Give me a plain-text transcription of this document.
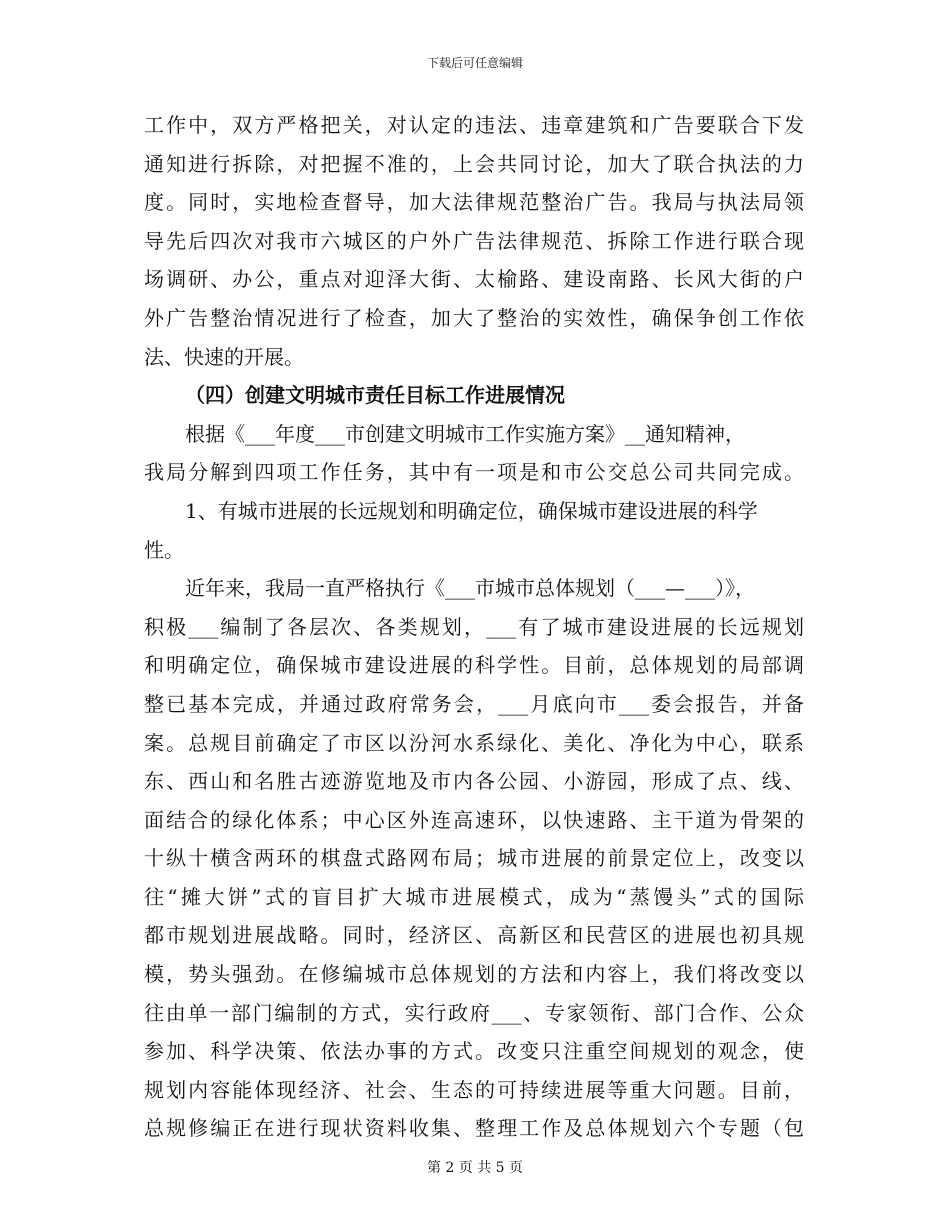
下载后可任意编辑
工作中，双方严格把关，对认定的违法、违章建筑和广告要联合下发
通知进行拆除，对把握不准的，上会共同讨论，加大了联合执法的力
度。同时，实地检查督导，加大法律规范整治广告。我局与执法局领
导先后四次对我市六城区的户外广告法律规范、拆除工作进行联合现
场调研、办公，重点对迎泽大街、太榆路、建设南路、长风大街的户
外广告整治情况进行了检查，加大了整治的实效性，确保争创工作依
法、快速的开展。
（四）创建文明城市责任目标工作进展情况
根据《___年度___市创建文明城市工作实施方案》__通知精神，
我局分解到四项工作任务，其中有一项是和市公交总公司共同完成。
1、有城市进展的长远规划和明确定位，确保城市建设进展的科学
性。
近年来，我局一直严格执行《___市城市总体规划（___—___）》，
积极___编制了各层次、各类规划，___有了城市建设进展的长远规划
和明确定位，确保城市建设进展的科学性。目前，总体规划的局部调
整已基本完成，并通过政府常务会，___月底向市___委会报告，并备
案。总规目前确定了市区以汾河水系绿化、美化、净化为中心，联系
东、西山和名胜古迹游览地及市内各公园、小游园，形成了点、线、
面结合的绿化体系；中心区外连高速环，以快速路、主干道为骨架的
十纵十横含两环的棋盘式路网布局；城市进展的前景定位上，改变以
往“摊大饼”式的盲目扩大城市进展模式，成为“蒸馒头”式的国际
都市规划进展战略。同时，经济区、高新区和民营区的进展也初具规
模，势头强劲。在修编城市总体规划的方法和内容上，我们将改变以
往由单一部门编制的方式，实行政府___、专家领衔、部门合作、公众
参加、科学决策、依法办事的方式。改变只注重空间规划的观念，使
规划内容能体现经济、社会、生态的可持续进展等重大问题。目前，
总规修编正在进行现状资料收集、整理工作及总体规划六个专题（包
第 2 页 共 5 页
